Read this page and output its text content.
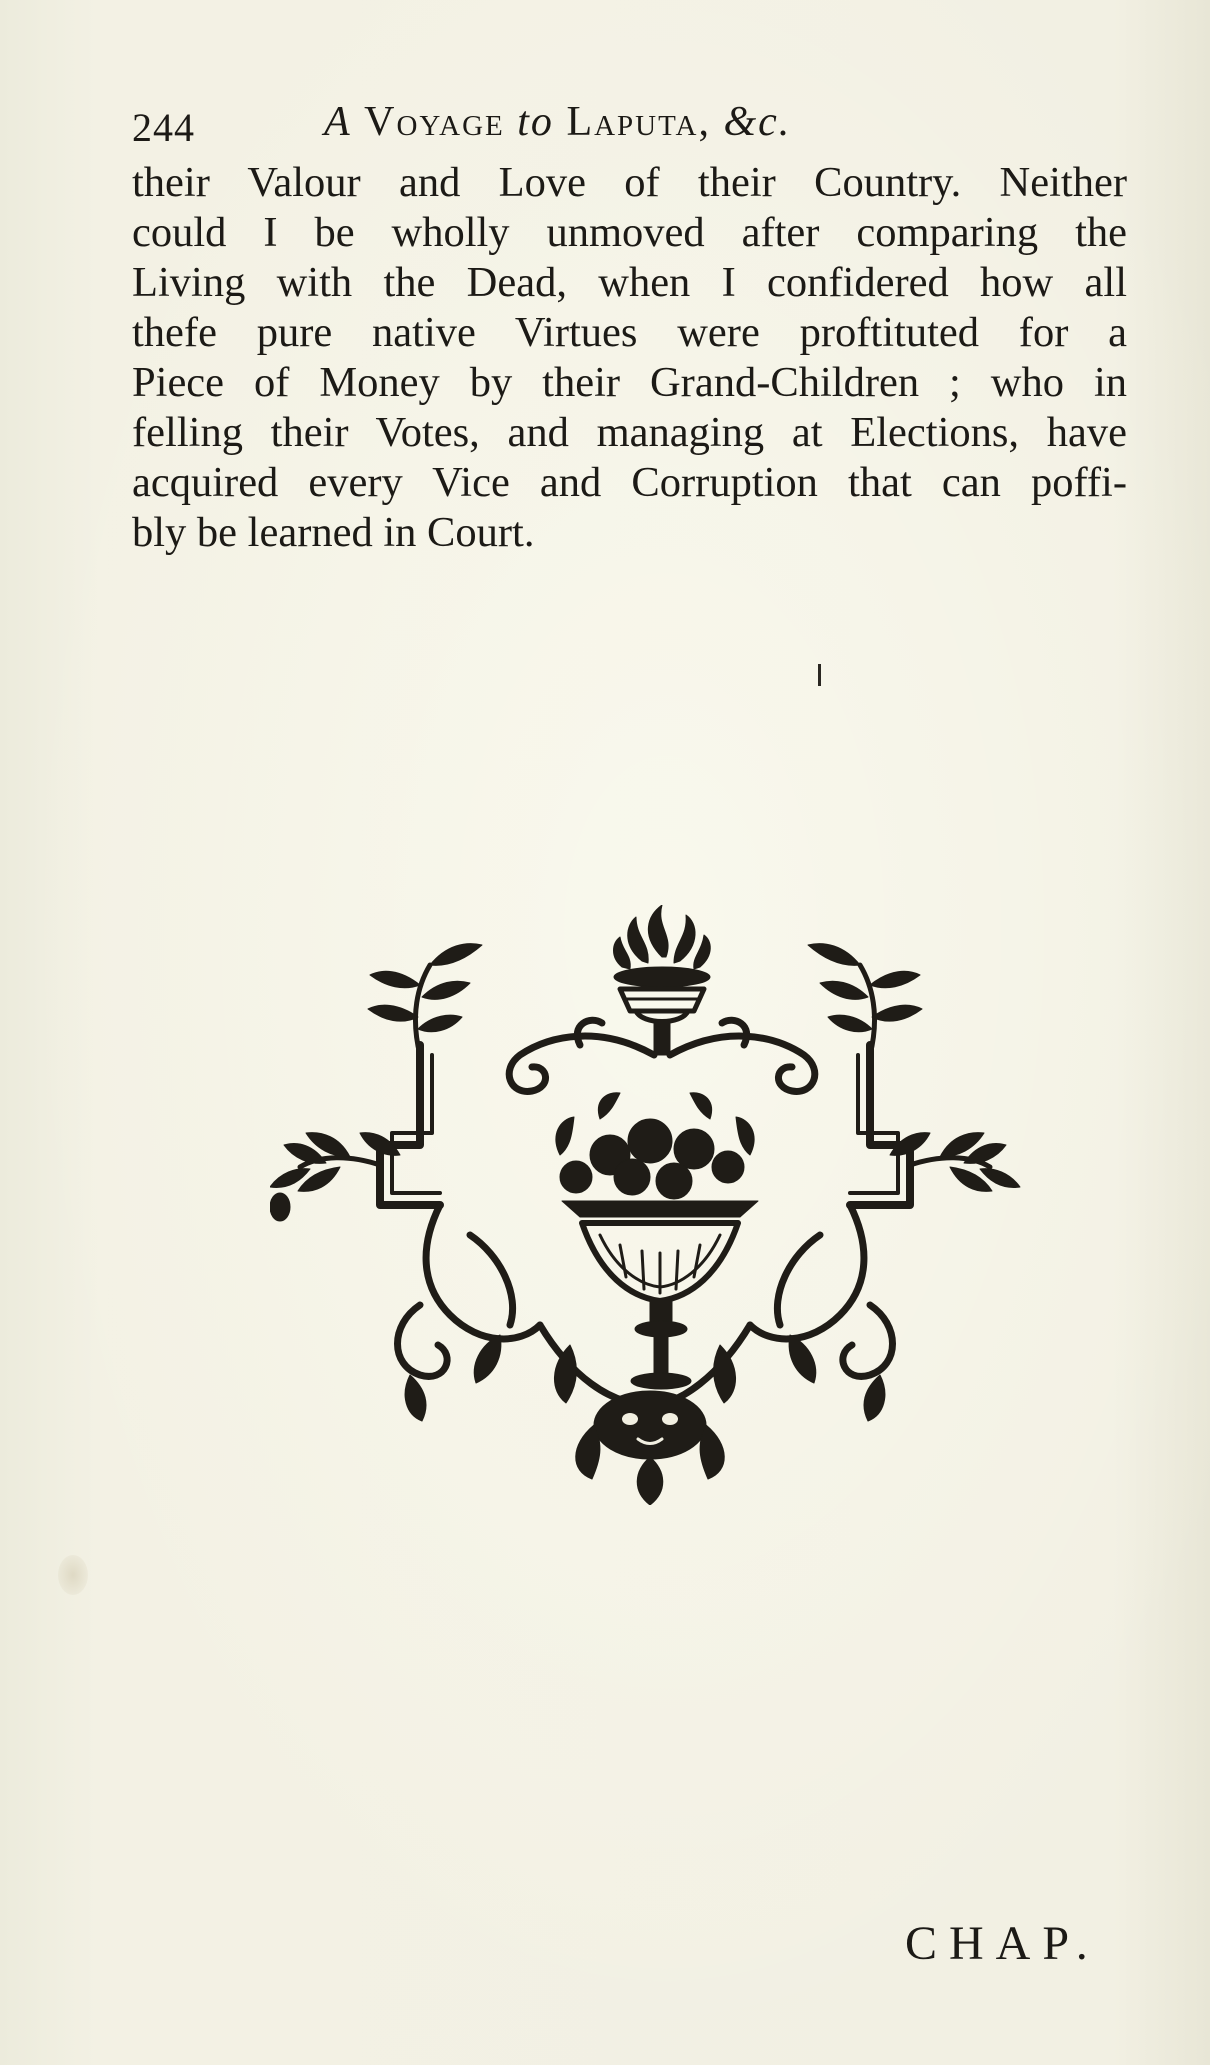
244	A Voyage to Laputa, &c.
their Valour and Love of their Country. Neither
could I be wholly unmoved after comparing the
Living with the Dead, when I confidered how all
thefe pure native Virtues were proftituted for a
Piece of Money by their Grand-Children ; who in
felling their Votes, and managing at Elections, have
acquired every Vice and Corruption that can poffi-
bly be learned in Court.
CHAP.
